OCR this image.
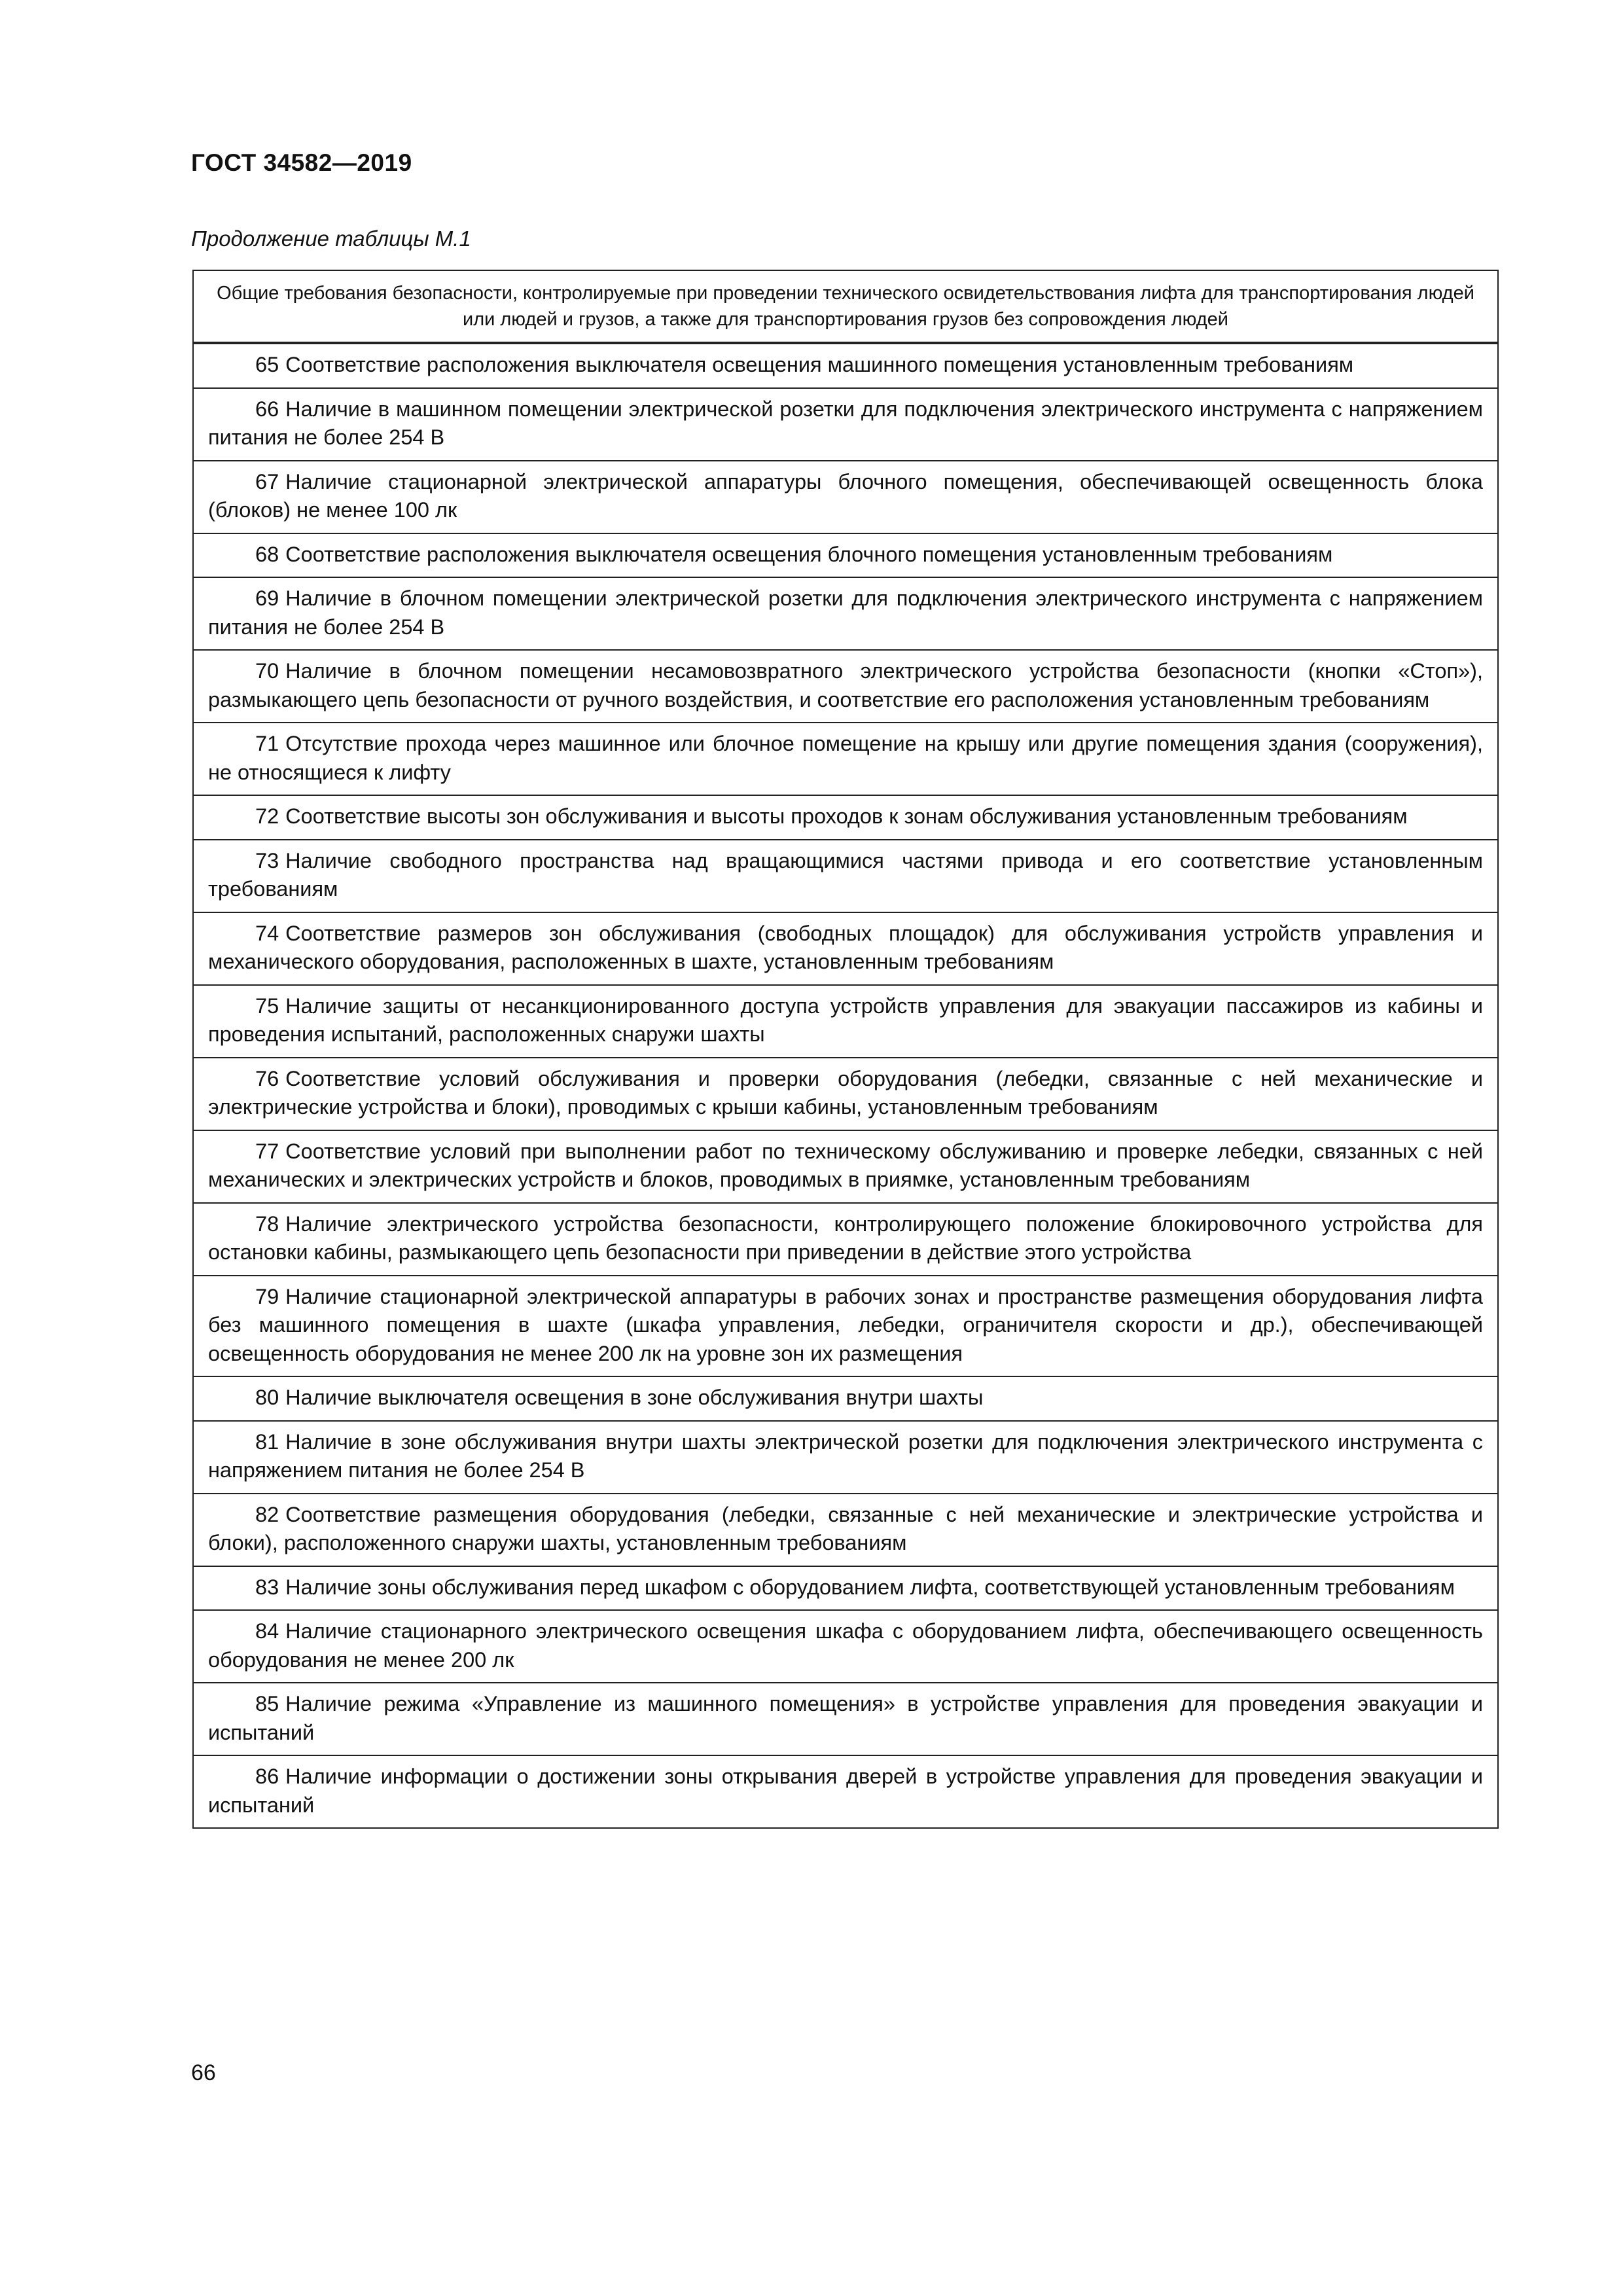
ГОСТ 34582—2019
Продолжение таблицы М.1
Общие требования безопасности, контролируемые при проведении технического освидетельствования лифта для транспортирования людей или людей и грузов, а также для транспортирования грузов без сопровождения людей
65 Соответствие расположения выключателя освещения машинного помещения установленным требованиям
66 Наличие в машинном помещении электрической розетки для подключения электрического инструмента с напряжением питания не более 254 В
67 Наличие стационарной электрической аппаратуры блочного помещения, обеспечивающей освещенность блока (блоков) не менее 100 лк
68 Соответствие расположения выключателя освещения блочного помещения установленным требованиям
69 Наличие в блочном помещении электрической розетки для подключения электрического инструмента с напряжением питания не более 254 В
70 Наличие в блочном помещении несамовозвратного электрического устройства безопасности (кнопки «Стоп»), размыкающего цепь безопасности от ручного воздействия, и соответствие его расположения установленным требованиям
71 Отсутствие прохода через машинное или блочное помещение на крышу или другие помещения здания (сооружения), не относящиеся к лифту
72 Соответствие высоты зон обслуживания и высоты проходов к зонам обслуживания установленным требованиям
73 Наличие свободного пространства над вращающимися частями привода и его соответствие установленным требованиям
74 Соответствие размеров зон обслуживания (свободных площадок) для обслуживания устройств управления и механического оборудования, расположенных в шахте, установленным требованиям
75 Наличие защиты от несанкционированного доступа устройств управления для эвакуации пассажиров из кабины и проведения испытаний, расположенных снаружи шахты
76 Соответствие условий обслуживания и проверки оборудования (лебедки, связанные с ней механические и электрические устройства и блоки), проводимых с крыши кабины, установленным требованиям
77 Соответствие условий при выполнении работ по техническому обслуживанию и проверке лебедки, связанных с ней механических и электрических устройств и блоков, проводимых в приямке, установленным требованиям
78 Наличие электрического устройства безопасности, контролирующего положение блокировочного устройства для остановки кабины, размыкающего цепь безопасности при приведении в действие этого устройства
79 Наличие стационарной электрической аппаратуры в рабочих зонах и пространстве размещения оборудования лифта без машинного помещения в шахте (шкафа управления, лебедки, ограничителя скорости и др.), обеспечивающей освещенность оборудования не менее 200 лк на уровне зон их размещения
80 Наличие выключателя освещения в зоне обслуживания внутри шахты
81 Наличие в зоне обслуживания внутри шахты электрической розетки для подключения электрического инструмента с напряжением питания не более 254 В
82 Соответствие размещения оборудования (лебедки, связанные с ней механические и электрические устройства и блоки), расположенного снаружи шахты, установленным требованиям
83 Наличие зоны обслуживания перед шкафом с оборудованием лифта, соответствующей установленным требованиям
84 Наличие стационарного электрического освещения шкафа с оборудованием лифта, обеспечивающего освещенность оборудования не менее 200 лк
85 Наличие режима «Управление из машинного помещения» в устройстве управления для проведения эвакуации и испытаний
86 Наличие информации о достижении зоны открывания дверей в устройстве управления для проведения эвакуации и испытаний
66
